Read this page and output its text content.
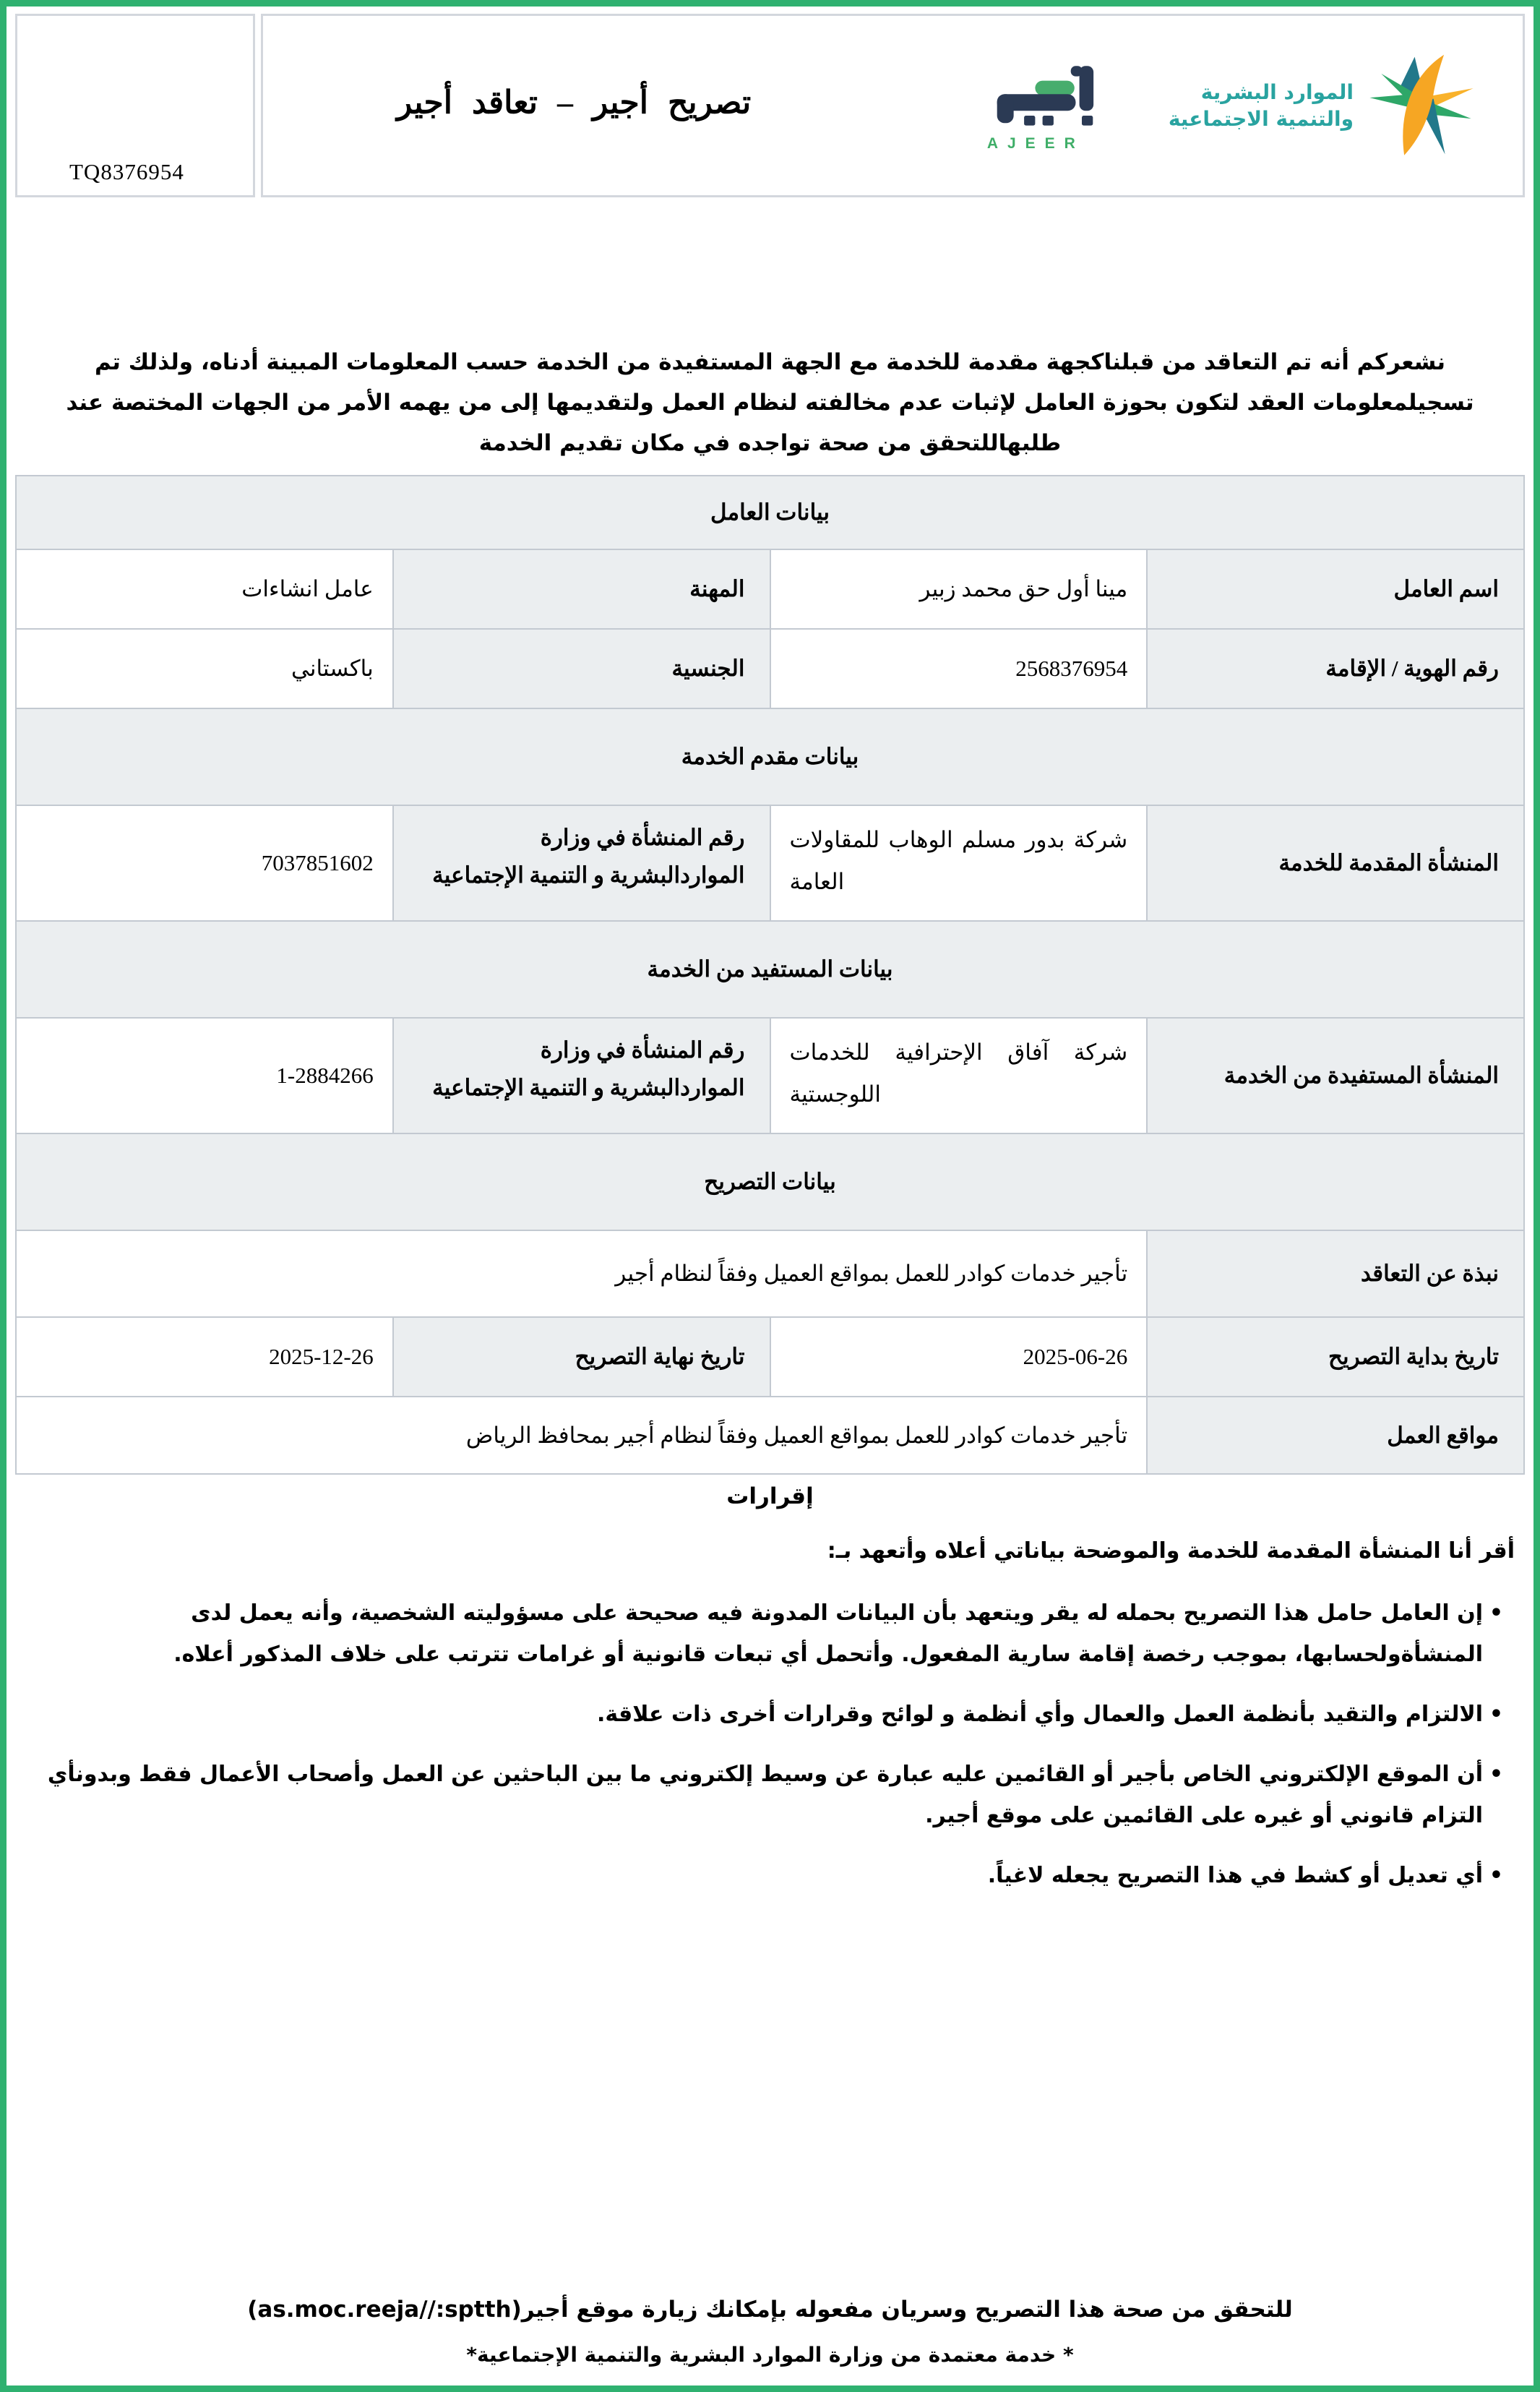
TQ8376954
تصريح أجير – تعاقد أجير
AJEER
الموارد البشرية
والتنمية الاجتماعية
نشعركم أنه تم التعاقد من قبلناكجهة مقدمة للخدمة مع الجهة المستفيدة من الخدمة حسب المعلومات المبينة أدناه، ولذلك تم تسجيلمعلومات العقد لتكون بحوزة العامل لإثبات عدم مخالفته لنظام العمل ولتقديمها إلى من يهمه الأمر من الجهات المختصة عند طلبهاللتحقق من صحة تواجده في مكان تقديم الخدمة
بيانات العامل
اسم العامل
مينا أول حق محمد زبير
المهنة
عامل انشاءات
رقم الهوية / الإقامة
2568376954
الجنسية
باكستاني
بيانات مقدم الخدمة
المنشأة المقدمة للخدمة
شركة بدور مسلم الوهاب للمقاولات العامة
رقم المنشأة في وزارة المواردالبشرية و التنمية الإجتماعية
7037851602
بيانات المستفيد من الخدمة
المنشأة المستفيدة من الخدمة
شركة آفاق الإحترافية للخدمات اللوجستية
رقم المنشأة في وزارة المواردالبشرية و التنمية الإجتماعية
1-2884266
بيانات التصريح
نبذة عن التعاقد
تأجير خدمات كوادر للعمل بمواقع العميل وفقاً لنظام أجير
تاريخ بداية التصريح
2025-06-26
تاريخ نهاية التصريح
2025-12-26
مواقع العمل
تأجير خدمات كوادر للعمل بمواقع العميل وفقاً لنظام أجير بمحافظ الرياض
إقرارات
أقر أنا المنشأة المقدمة للخدمة والموضحة بياناتي أعلاه وأتعهد بـ:
• إن العامل حامل هذا التصريح بحمله له يقر ويتعهد بأن البيانات المدونة فيه صحيحة على مسؤوليته الشخصية، وأنه يعمل لدى المنشأةولحسابها، بموجب رخصة إقامة سارية المفعول. وأتحمل أي تبعات قانونية أو غرامات تترتب على خلاف المذكور أعلاه.
• الالتزام والتقيد بأنظمة العمل والعمال وأي أنظمة و لوائح وقرارات أخرى ذات علاقة.
• أن الموقع الإلكتروني الخاص بأجير أو القائمين عليه عبارة عن وسيط إلكتروني ما بين الباحثين عن العمل وأصحاب الأعمال فقط وبدونأي التزام قانوني أو غيره على القائمين على موقع أجير.
• أي تعديل أو كشط في هذا التصريح يجعله لاغياً.
للتحقق من صحة هذا التصريح وسريان مفعوله بإمكانك زيارة موقع أجير(as.moc.reeja//:sptth)
* خدمة معتمدة من وزارة الموارد البشرية والتنمية الإجتماعية*
